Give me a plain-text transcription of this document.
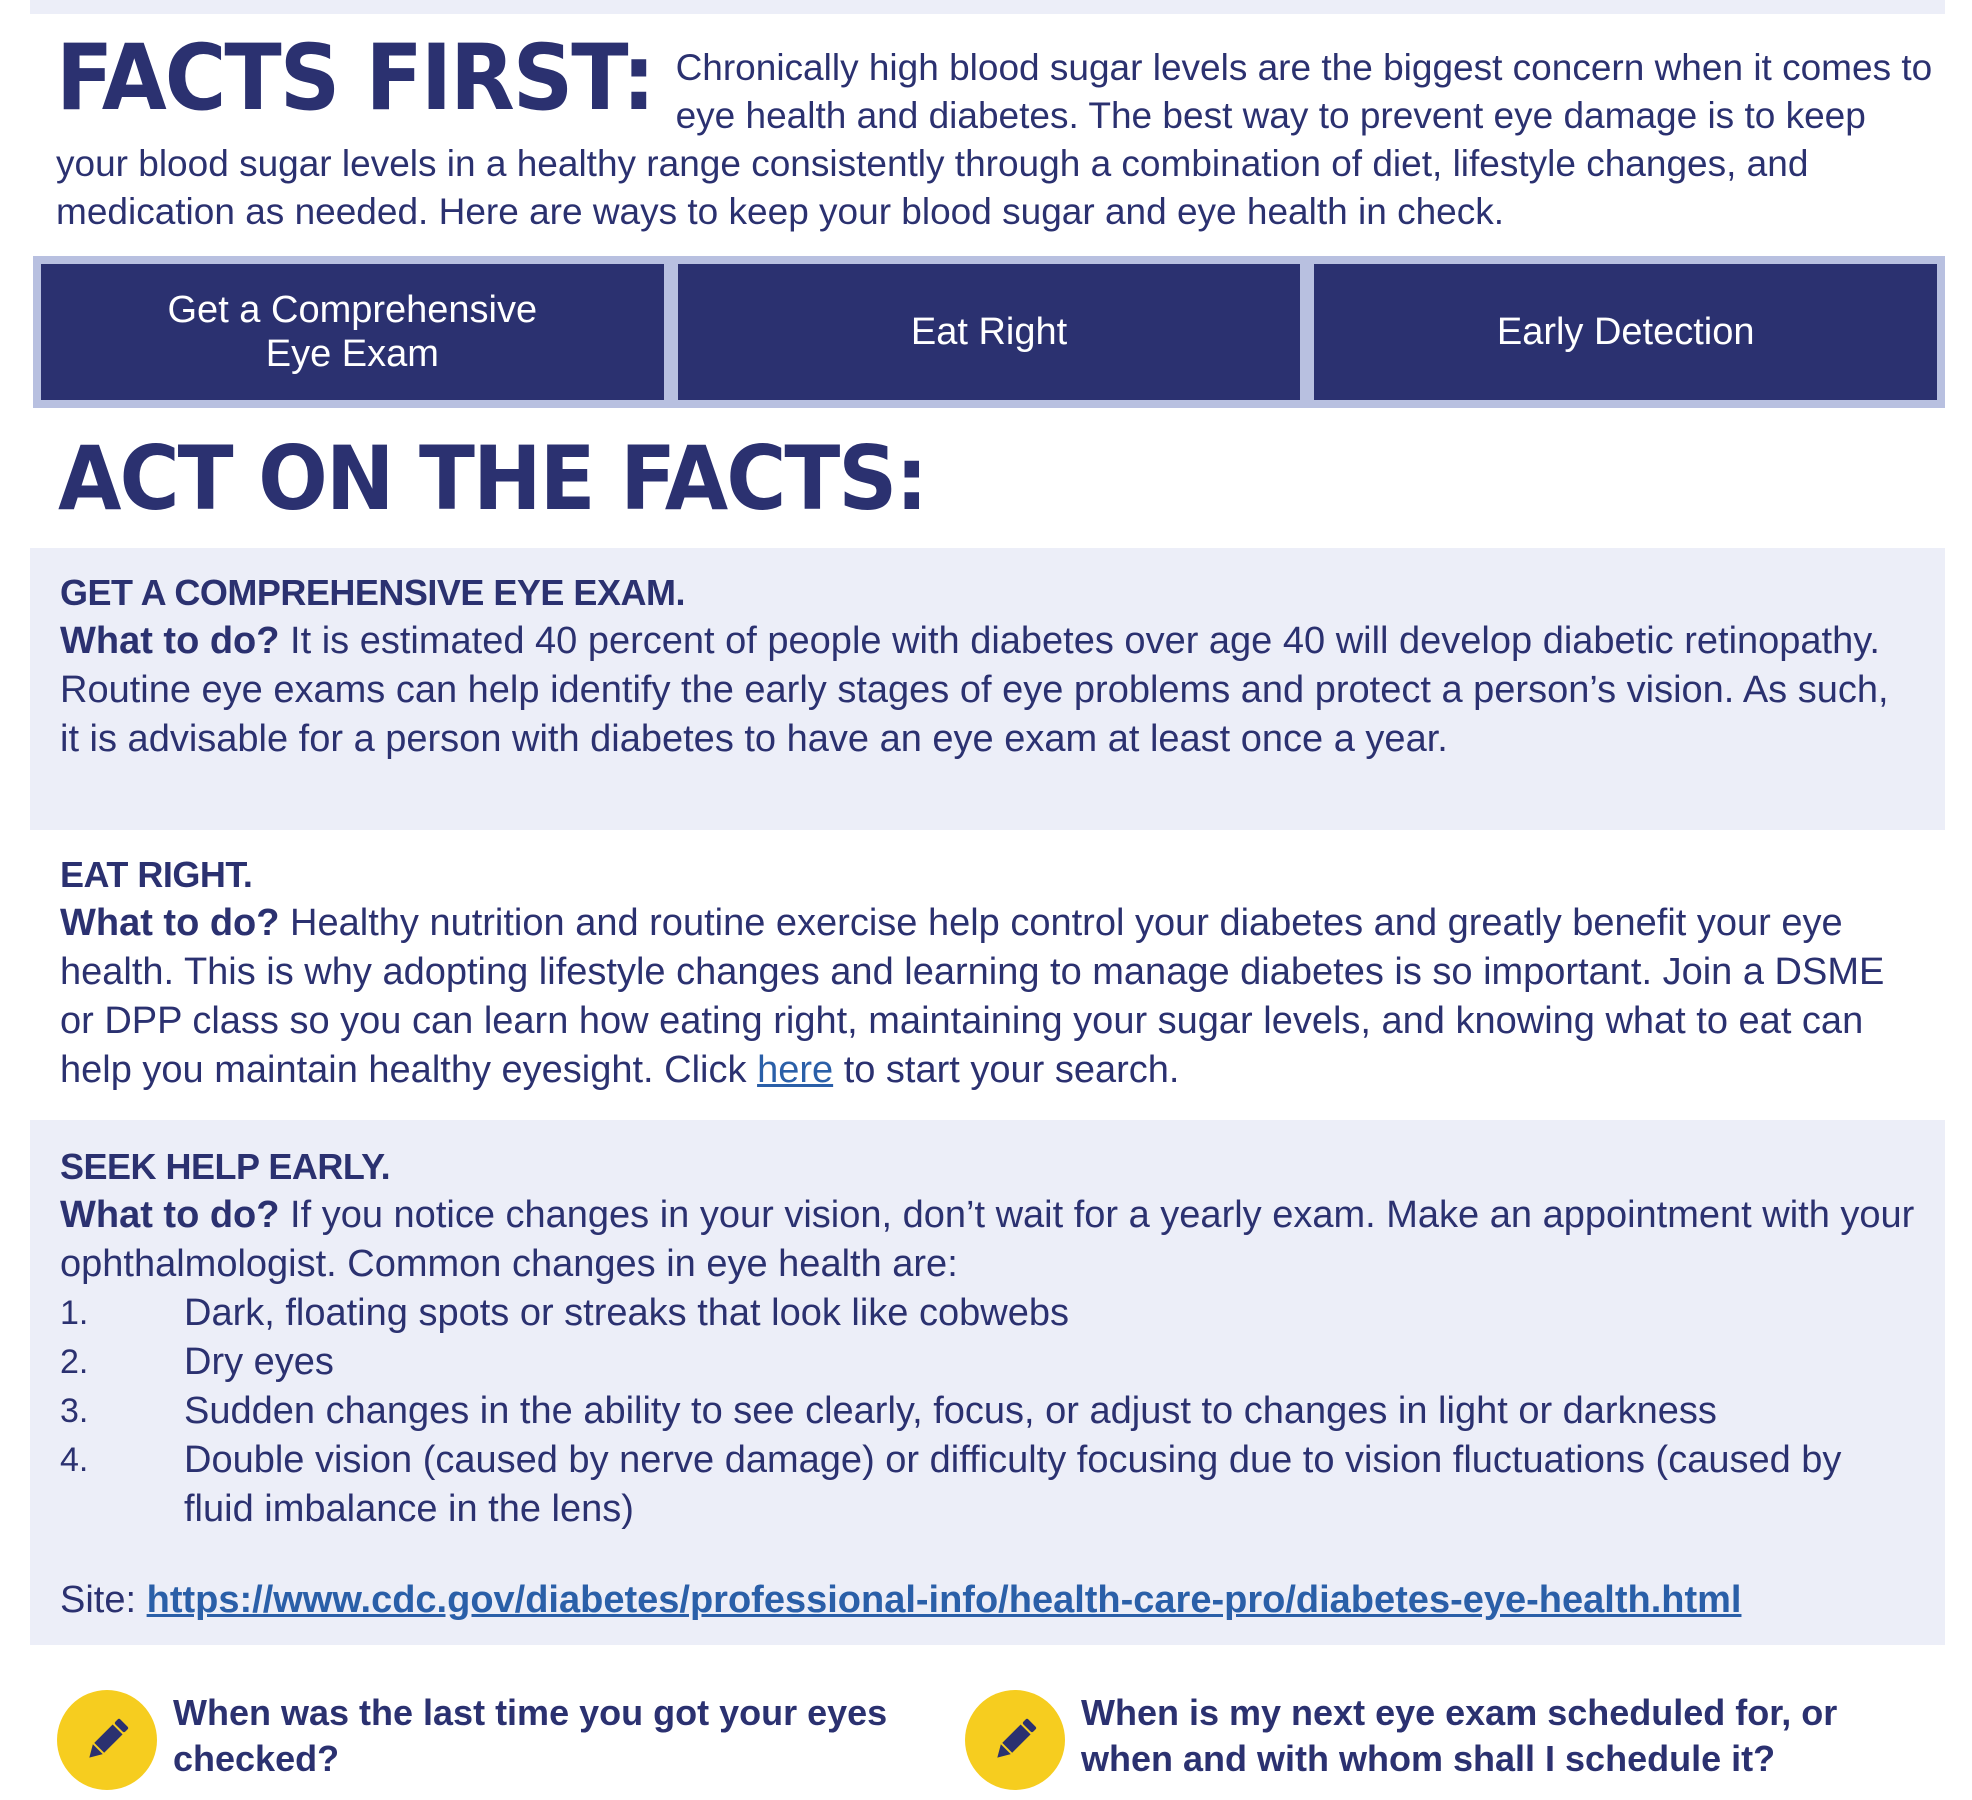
FACTS FIRST: Chronically high blood sugar levels are the biggest concern when it comes to eye health and diabetes. The best way to prevent eye damage is to keep your blood sugar levels in a healthy range consistently through a combination of diet, lifestyle changes, and medication as needed. Here are ways to keep your blood sugar and eye health in check.
Get a Comprehensive Eye Exam
Eat Right	Early Detection
ACT ON THE FACTS:

GET A COMPREHENSIVE EYE EXAM.

What to do? It is estimated 40 percent of people with diabetes over age 40 will develop diabetic retinopathy. Routine eye exams can help identify the early stages of eye problems and protect a person’s vision. As such, it is advisable for a person with diabetes to have an eye exam at least once a year.

EAT RIGHT.

What to do? Healthy nutrition and routine exercise help control your diabetes and greatly benefit your eye health. This is why adopting lifestyle changes and learning to manage diabetes is so important. Join a DSME or DPP class so you can learn how eating right, maintaining your sugar levels, and knowing what to eat can help you maintain healthy eyesight. Click here to start your search.

SEEK HELP EARLY.

What to do? If you notice changes in your vision, don’t wait for a yearly exam. Make an appointment with your ophthalmologist. Common changes in eye health are:

1.	Dark, floating spots or streaks that look like cobwebs
2.	Dry eyes
3.	Sudden changes in the ability to see clearly, focus, or adjust to changes in light or darkness
4.	Double vision (caused by nerve damage) or difficulty focusing due to vision fluctuations (caused by fluid imbalance in the lens)

Site: https://www.cdc.gov/diabetes/professional-info/health-care-pro/diabetes-eye-health.html

When was the last time you got your eyes checked?
When is my next eye exam scheduled for, or when and with whom shall I schedule it?
